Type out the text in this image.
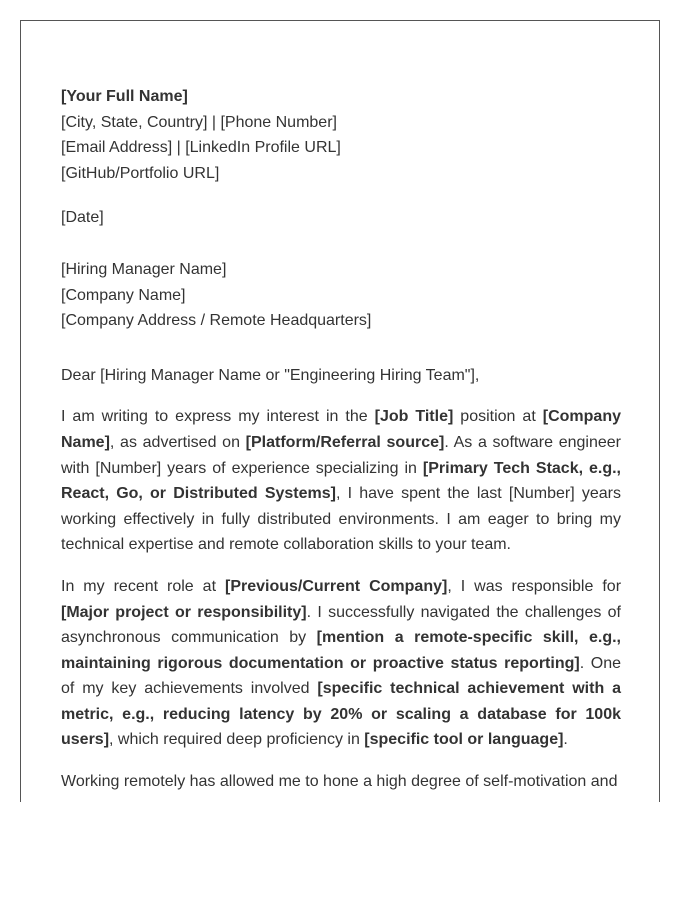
[Your Full Name]

[City, State, Country] | [Phone Number]

[Email Address] | [LinkedIn Profile URL]

[GitHub/Portfolio URL]

[Date]

[Hiring Manager Name]

[Company Name]

[Company Address / Remote Headquarters]

Dear [Hiring Manager Name or "Engineering Hiring Team"],

I am writing to express my interest in the [Job Title] position at [Company Name], as advertised on [Platform/Referral source]. As a software engineer with [Number] years of experience specializing in [Primary Tech Stack, e.g., React, Go, or Distributed Systems], I have spent the last [Number] years working effectively in fully distributed environments. I am eager to bring my technical expertise and remote collaboration skills to your team.

In my recent role at [Previous/Current Company], I was responsible for [Major project or responsibility]. I successfully navigated the challenges of asynchronous communication by [mention a remote-specific skill, e.g., maintaining rigorous documentation or proactive status reporting]. One of my key achievements involved [specific technical achievement with a metric, e.g., reducing latency by 20% or scaling a database for 100k users], which required deep proficiency in [specific tool or language].

Working remotely has allowed me to hone a high degree of self-motivation and
